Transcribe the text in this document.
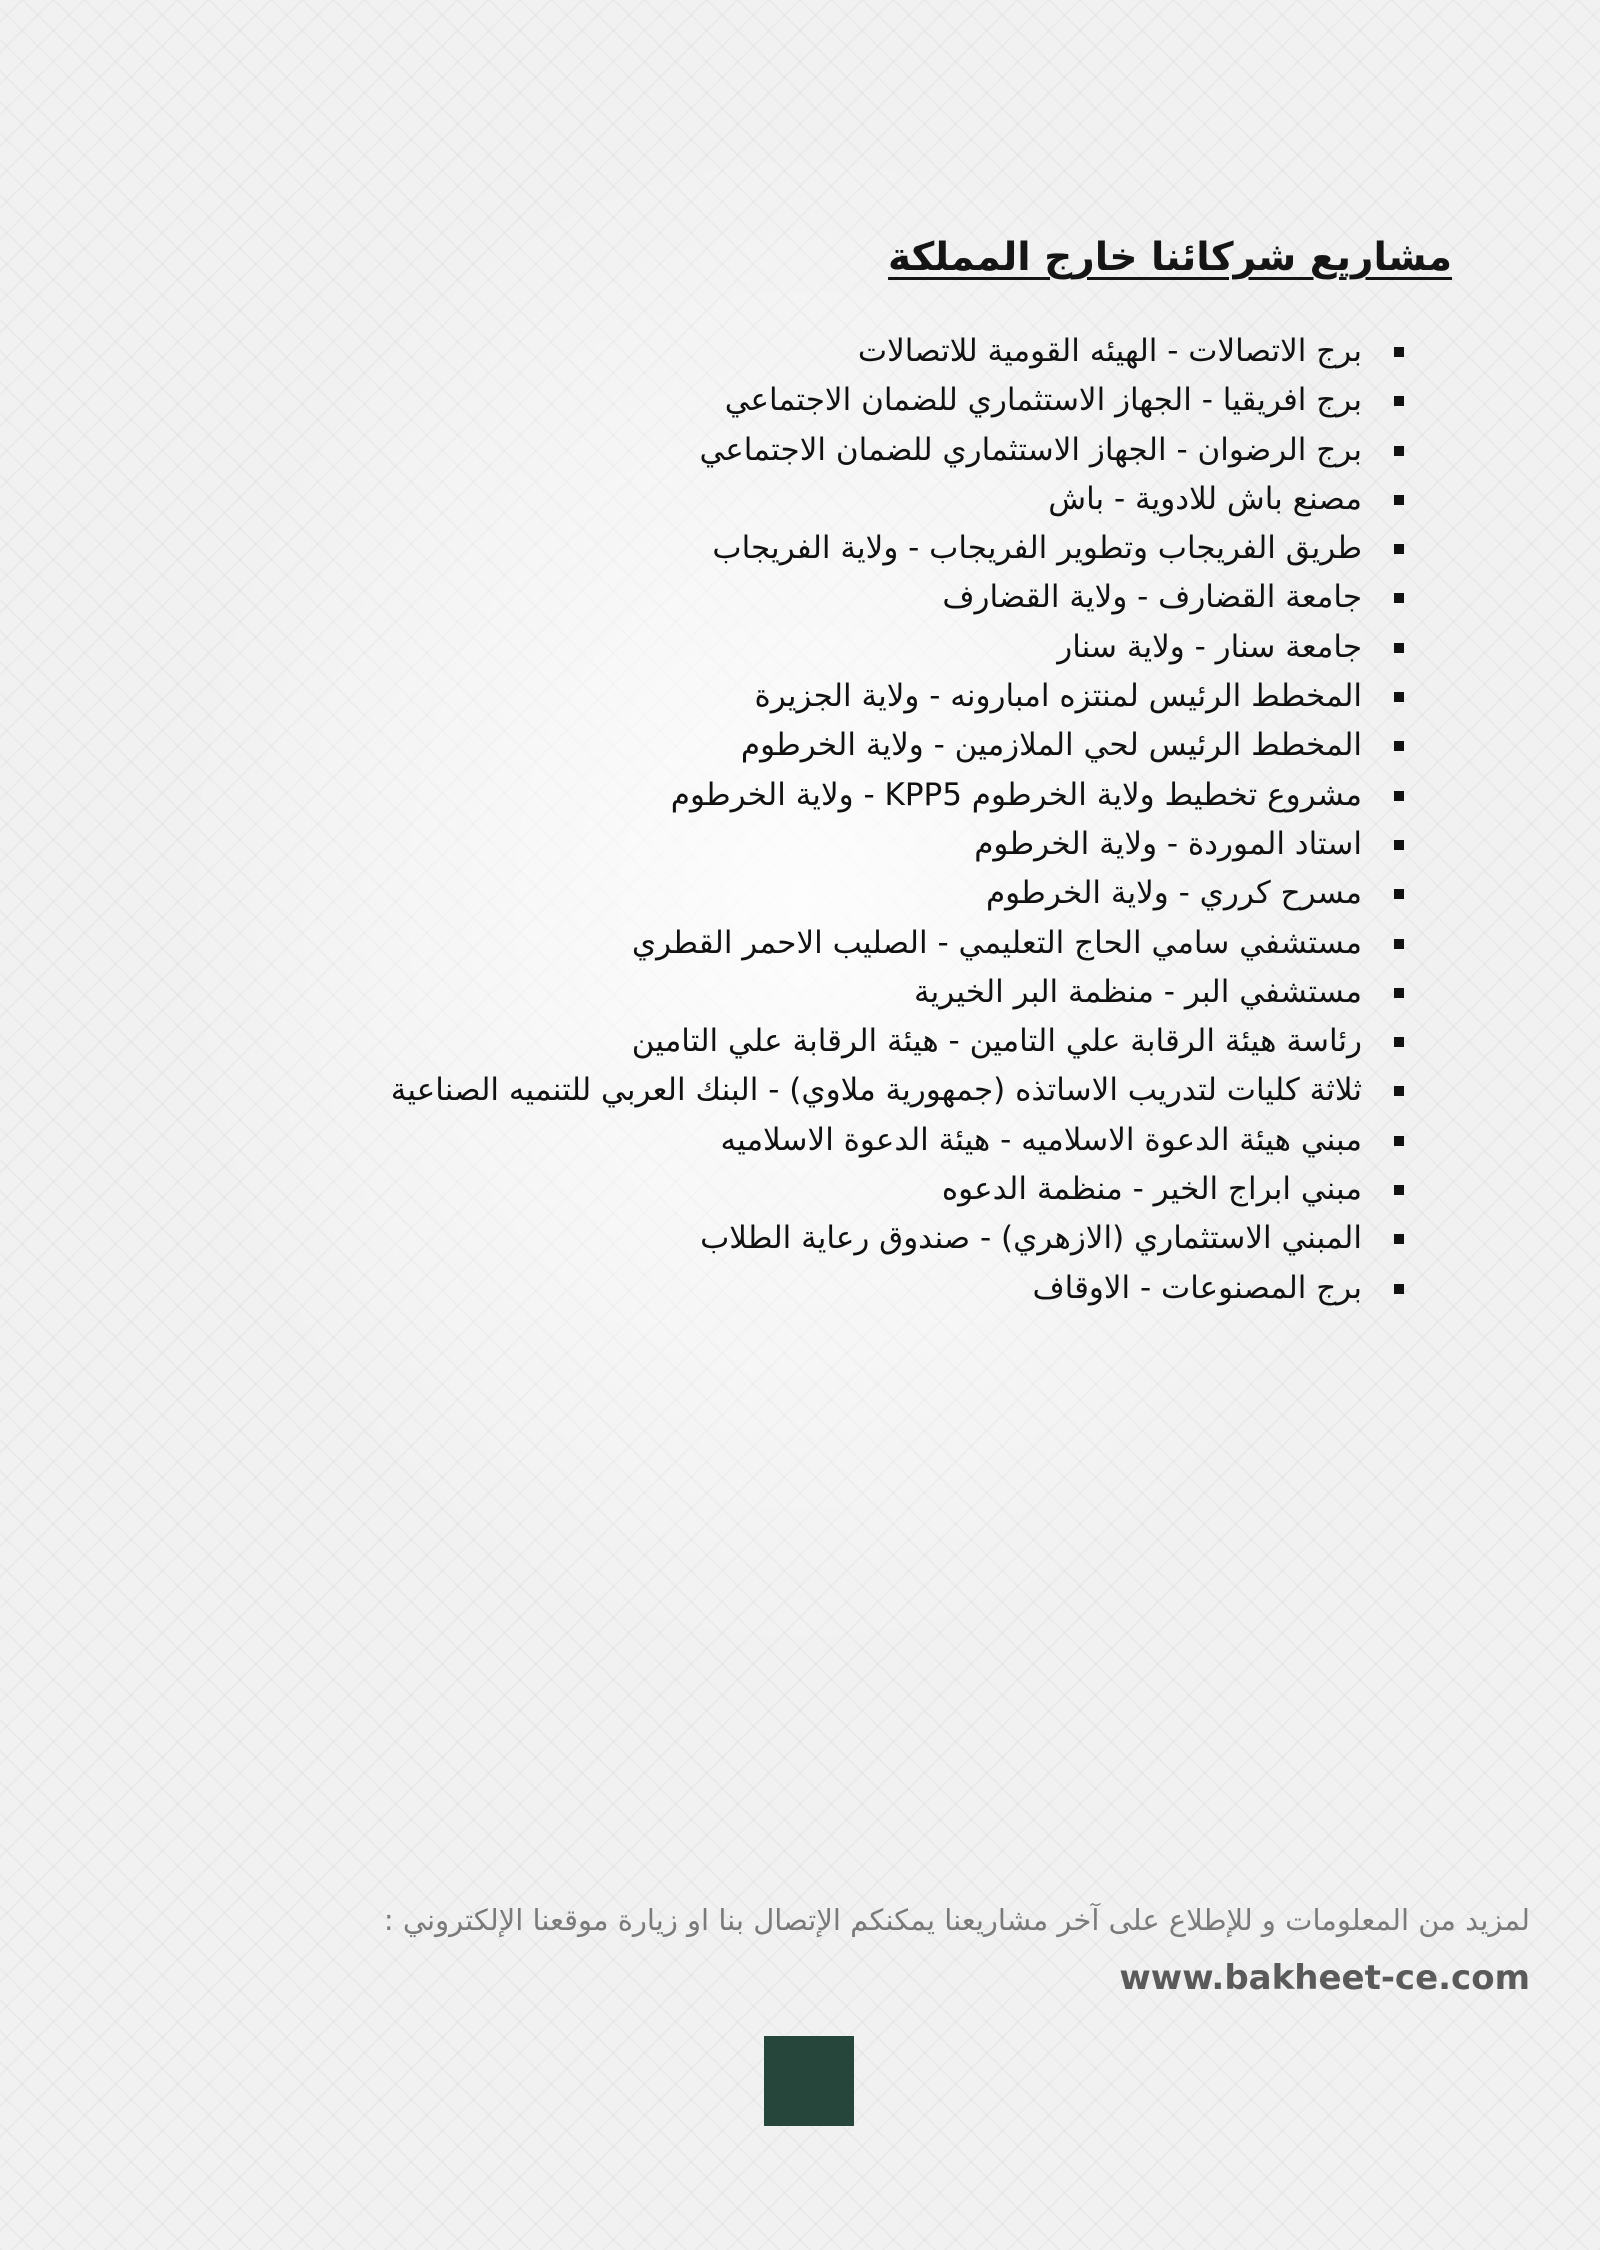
مشاريع شركائنا خارج المملكة
برج الاتصالات - الهيئه القومية للاتصالات
برج افريقيا - الجهاز الاستثماري للضمان الاجتماعي
برج الرضوان - الجهاز الاستثماري للضمان الاجتماعي
مصنع باش للادوية - باش
طريق الفريجاب وتطوير الفريجاب - ولاية الفريجاب
جامعة القضارف - ولاية القضارف
جامعة سنار - ولاية سنار
المخطط الرئيس لمنتزه امبارونه - ولاية الجزيرة
المخطط الرئيس لحي الملازمين - ولاية الخرطوم
مشروع تخطيط ولاية الخرطوم KPP5 - ولاية الخرطوم
استاد الموردة - ولاية الخرطوم
مسرح كرري - ولاية الخرطوم
مستشفي سامي الحاج التعليمي - الصليب الاحمر القطري
مستشفي البر - منظمة البر الخيرية
رئاسة هيئة الرقابة علي التامين - هيئة الرقابة علي التامين
ثلاثة كليات لتدريب الاساتذه (جمهورية ملاوي) - البنك العربي للتنميه الصناعية
مبني هيئة الدعوة الاسلاميه - هيئة الدعوة الاسلاميه
مبني ابراج الخير - منظمة الدعوه
المبني الاستثماري (الازهري) - صندوق رعاية الطلاب
برج المصنوعات - الاوقاف

لمزيد من المعلومات و للإطلاع على آخر مشاريعنا يمكنكم الإتصال بنا او زيارة موقعنا الإلكتروني :

www.bakheet-ce.com
